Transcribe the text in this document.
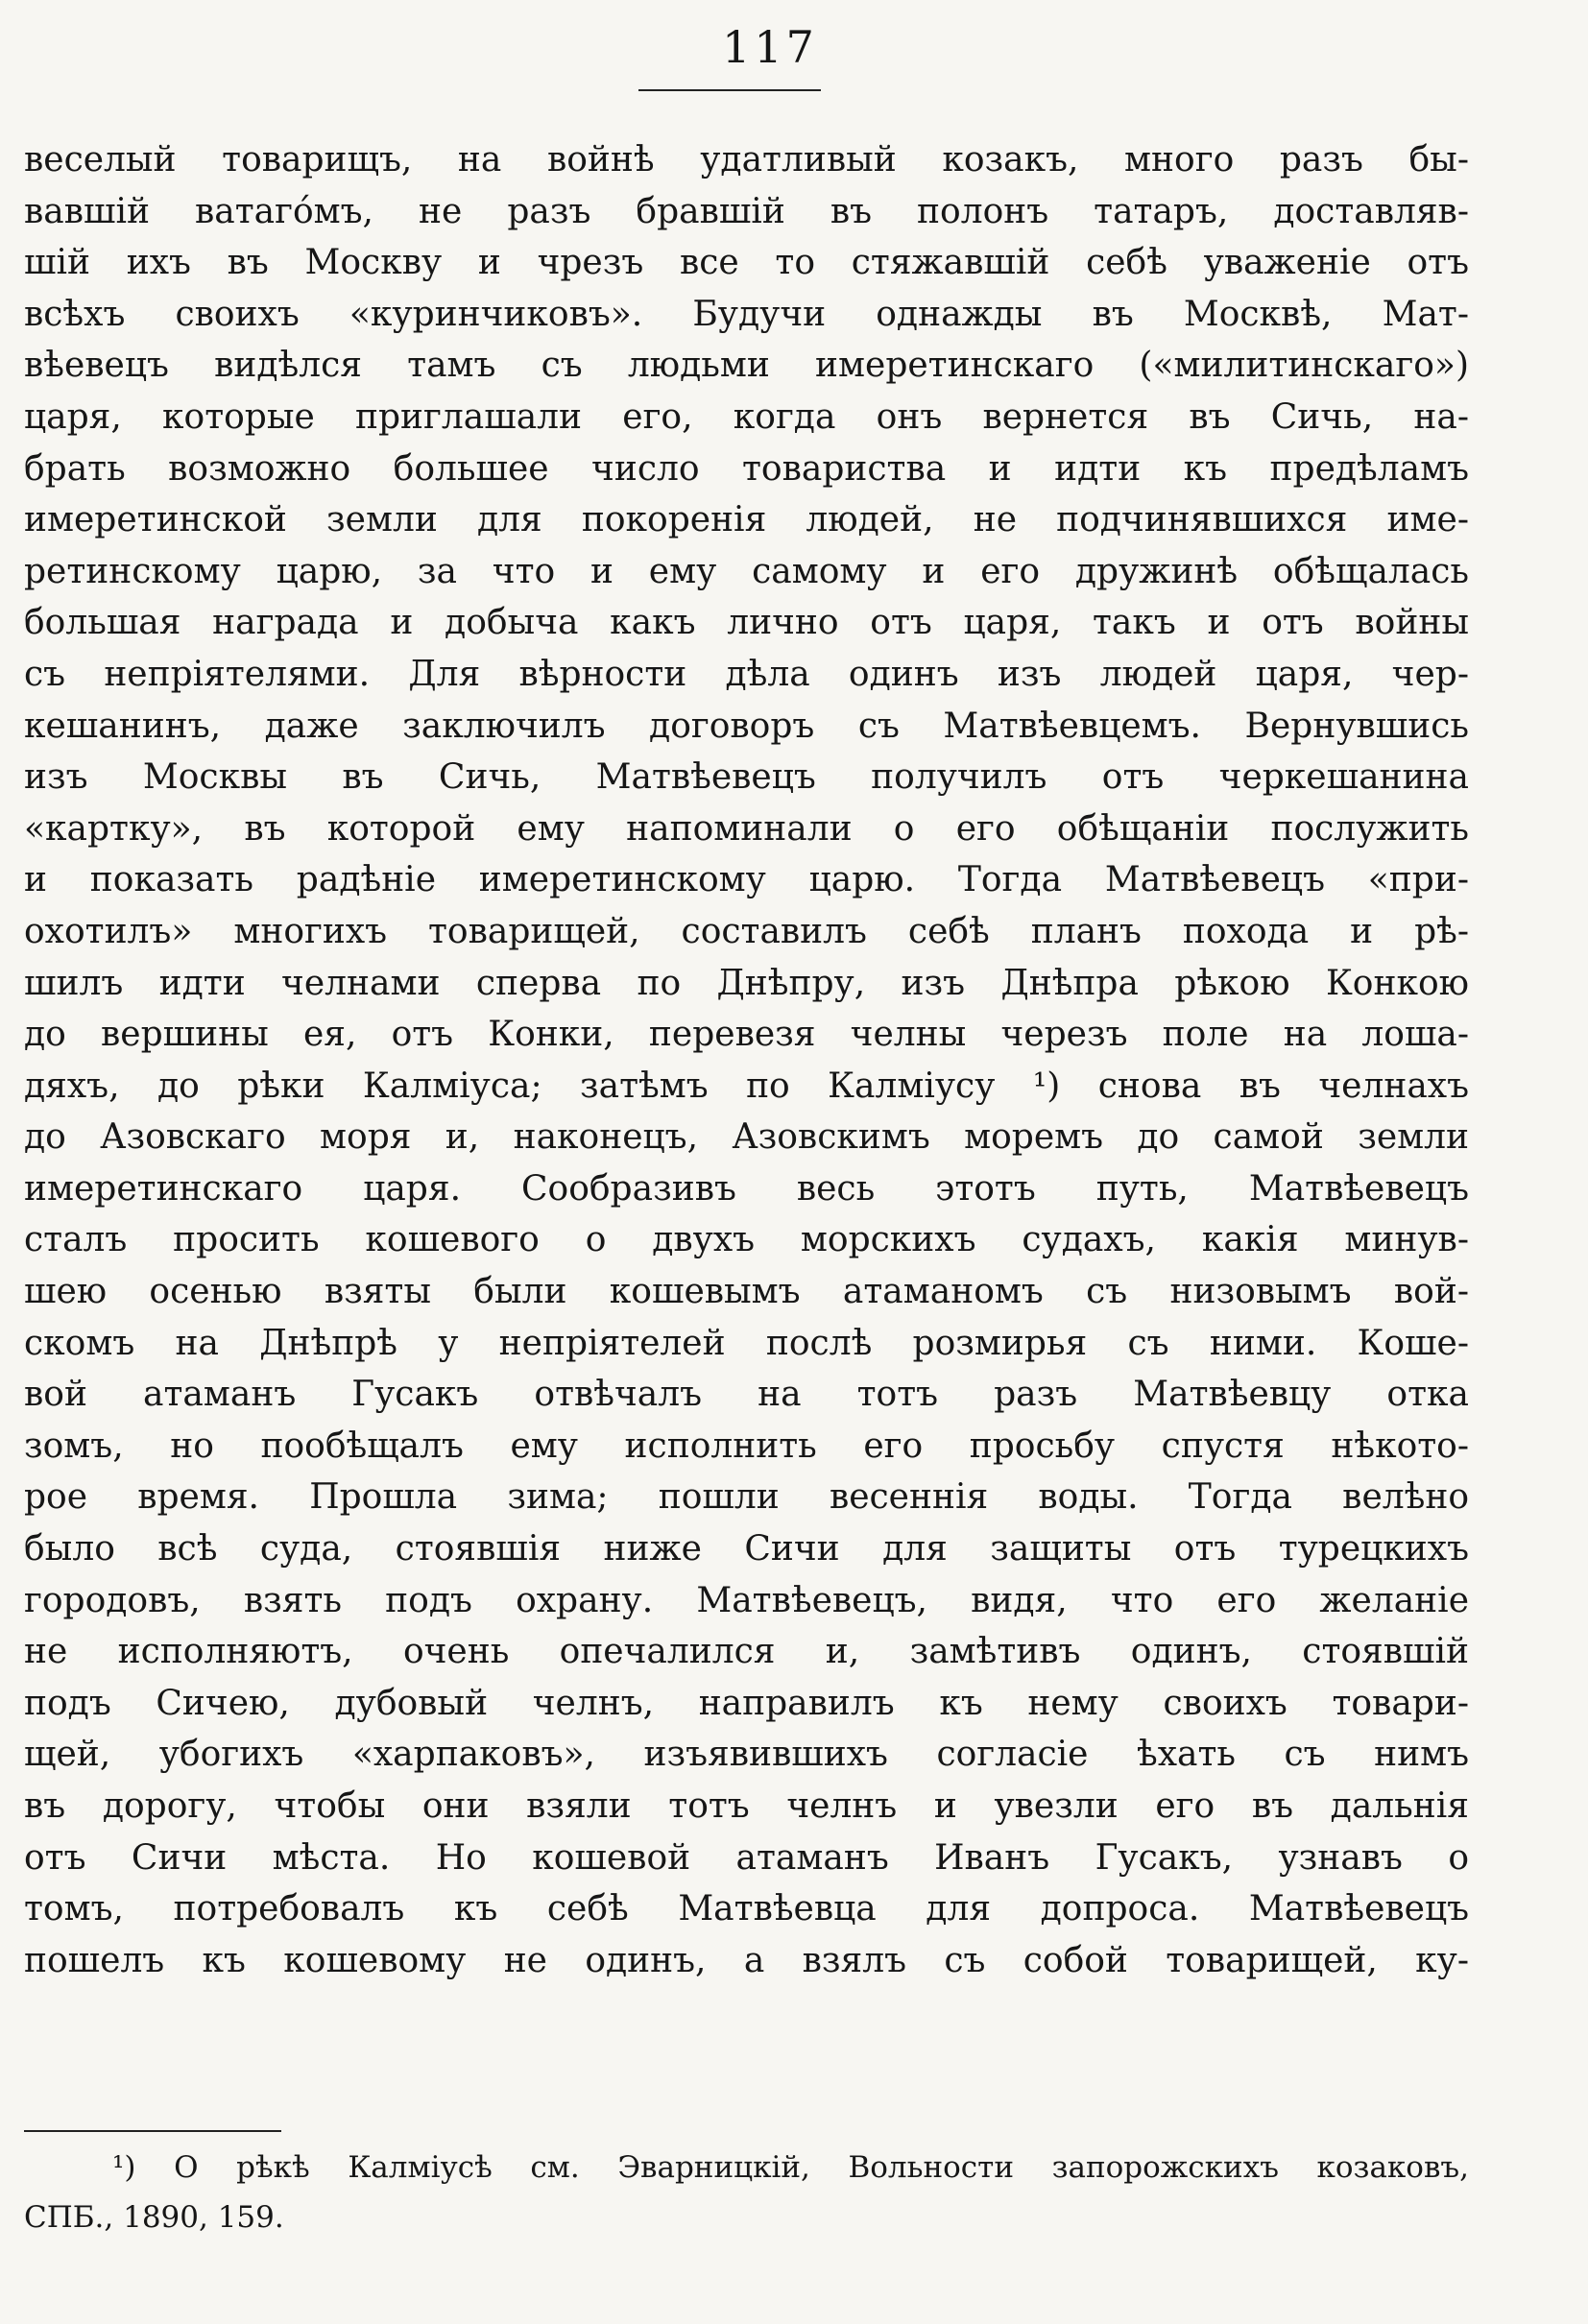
117
веселый товарищъ, на войнѣ удатливый козакъ, много разъ бы-
вавшій ватагóмъ, не разъ бравшій въ полонъ татаръ, доставляв-
шій ихъ въ Москву и чрезъ все то стяжавшій себѣ уваженіе отъ
всѣхъ своихъ «куринчиковъ». Будучи однажды въ Москвѣ, Мат-
вѣевецъ видѣлся тамъ съ людьми имеретинскаго («милитинскаго»)
царя, которые приглашали его, когда онъ вернется въ Сичь, на-
брать возможно большее число товариства и идти къ предѣламъ
имеретинской земли для покоренія людей, не подчинявшихся име-
ретинскому царю, за что и ему самому и его дружинѣ обѣщалась
большая награда и добыча какъ лично отъ царя, такъ и отъ войны
съ непріятелями. Для вѣрности дѣла одинъ изъ людей царя, чер-
кешанинъ, даже заключилъ договоръ съ Матвѣевцемъ. Вернувшись
изъ Москвы въ Сичь, Матвѣевецъ получилъ отъ черкешанина
«картку», въ которой ему напоминали о его обѣщаніи послужить
и показать радѣніе имеретинскому царю. Тогда Матвѣевецъ «при-
охотилъ» многихъ товарищей, составилъ себѣ планъ похода и рѣ-
шилъ идти челнами сперва по Днѣпру, изъ Днѣпра рѣкою Конкою
до вершины ея, отъ Конки, перевезя челны черезъ поле на лоша-
дяхъ, до рѣки Калміуса; затѣмъ по Калміусу ¹) снова въ челнахъ
до Азовскаго моря и, наконецъ, Азовскимъ моремъ до самой земли
имеретинскаго царя. Сообразивъ весь этотъ путь, Матвѣевецъ
сталъ просить кошевого о двухъ морскихъ судахъ, какія минув-
шею осенью взяты были кошевымъ атаманомъ съ низовымъ вой-
скомъ на Днѣпрѣ у непріятелей послѣ розмирья съ ними. Коше-
вой атаманъ Гусакъ отвѣчалъ на тотъ разъ Матвѣевцу отка
зомъ, но пообѣщалъ ему исполнить его просьбу спустя нѣкото-
рое время. Прошла зима; пошли весеннія воды. Тогда велѣно
было всѣ суда, стоявшія ниже Сичи для защиты отъ турецкихъ
городовъ, взять подъ охрану. Матвѣевецъ, видя, что его желаніе
не исполняютъ, очень опечалился и, замѣтивъ одинъ, стоявшій
подъ Сичею, дубовый челнъ, направилъ къ нему своихъ товари-
щей, убогихъ «харпаковъ», изъявившихъ согласіе ѣхать съ нимъ
въ дорогу, чтобы они взяли тотъ челнъ и увезли его въ дальнія
отъ Сичи мѣста. Но кошевой атаманъ Иванъ Гусакъ, узнавъ о
томъ, потребовалъ къ себѣ Матвѣевца для допроса. Матвѣевецъ
пошелъ къ кошевому не одинъ, а взялъ съ собой товарищей, ку-
¹) О рѣкѣ Калміусѣ см. Эварницкій, Вольности запорожскихъ козаковъ,
СПБ., 1890, 159.
